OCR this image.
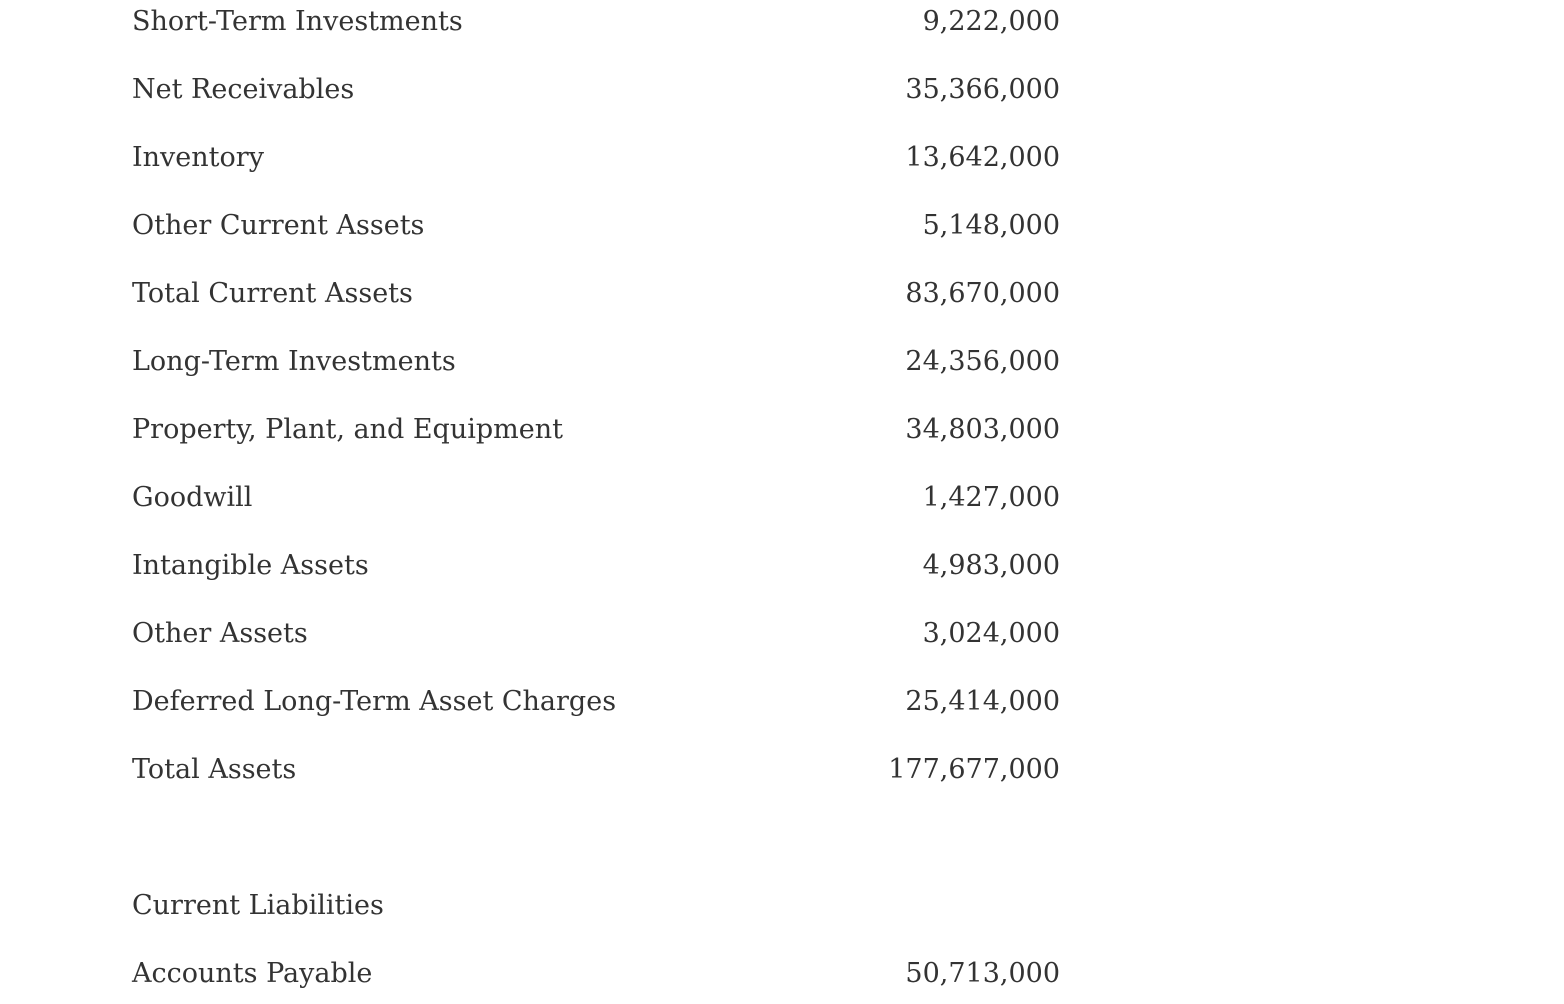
Short-Term Investments	9,222,000
Net Receivables	35,366,000
Inventory	13,642,000
Other Current Assets	5,148,000
Total Current Assets	83,670,000
Long-Term Investments	24,356,000
Property, Plant, and Equipment	34,803,000
Goodwill	1,427,000
Intangible Assets	4,983,000
Other Assets	3,024,000
Deferred Long-Term Asset Charges	25,414,000
Total Assets	177,677,000
Current Liabilities
Accounts Payable	50,713,000
